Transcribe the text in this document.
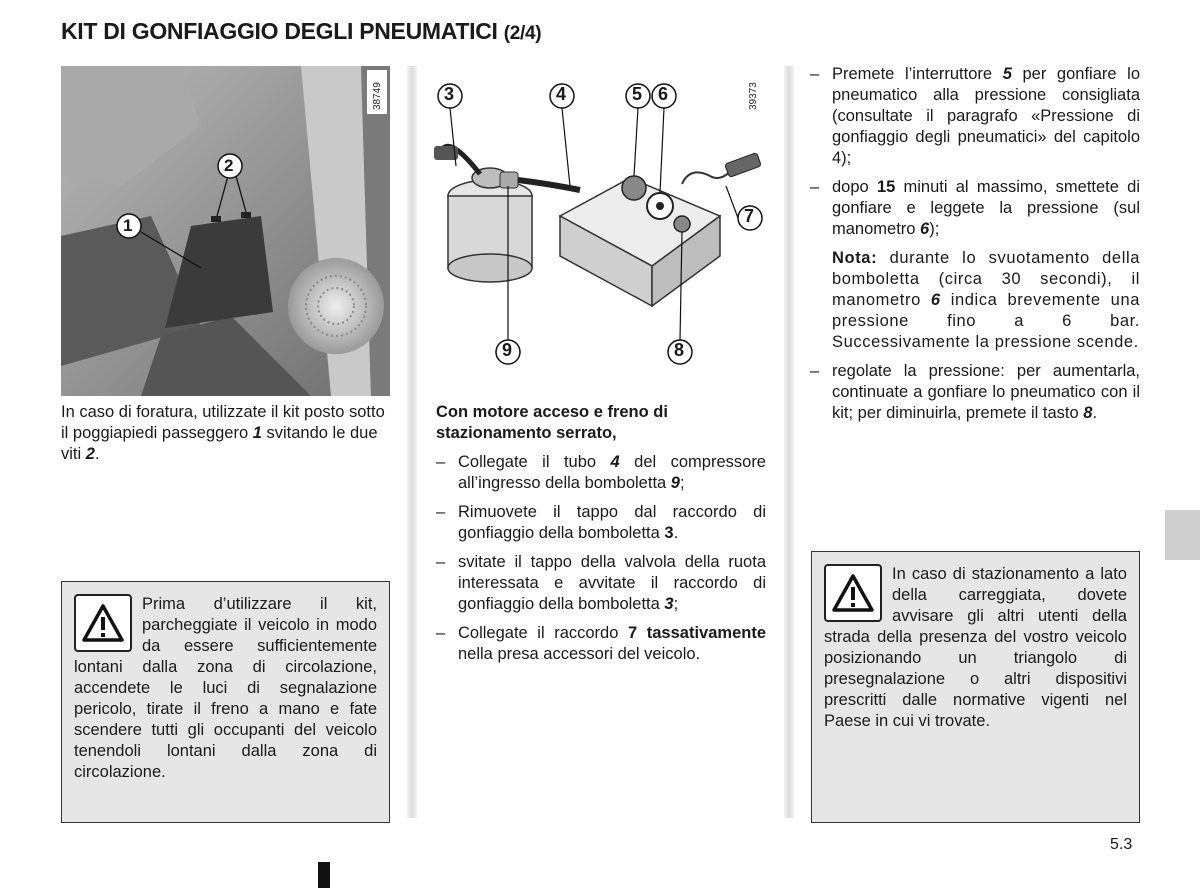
KIT DI GONFIAGGIO DEGLI PNEUMATICI (2/4)
2
1
38749	3	4	5 6
7
9	8
39373
In caso di foratura, utilizzate il kit posto sotto il poggiapiedi passeggero 1 svitando le due viti 2.
Prima d’utilizzare il kit, parcheggiate il veicolo in modo da essere sufficientemente lontani dalla zona di circolazione, accendete le luci di segnalazione pericolo, tirate il freno a mano e fate scendere tutti gli occupanti del veicolo tenendoli lontani dalla zona di circolazione.

Con motore acceso e freno di stazionamento serrato,

– Collegate il tubo 4 del compressore all’ingresso della bomboletta 9;

– Rimuovete il tappo dal raccordo di gonfiaggio della bomboletta 3.

– svitate il tappo della valvola della ruota interessata e avvitate il raccordo di gonfiaggio della bomboletta 3;

– Collegate il raccordo 7 tassativamente nella presa accessori del veicolo.

– Premete l’interruttore 5 per gonfiare lo pneumatico alla pressione consigliata (consultate il paragrafo «Pressione di gonfiaggio degli pneumatici» del capitolo 4);

– dopo 15 minuti al massimo, smettete di gonfiare e leggete la pressione (sul manometro 6);

Nota: durante lo svuotamento della bomboletta (circa 30 secondi), il manometro 6 indica brevemente una pressione fino a 6 bar. Successivamente la pressione scende.

– regolate la pressione: per aumentarla, continuate a gonfiare lo pneumatico con il kit; per diminuirla, premete il tasto 8.

In caso di stazionamento a lato della carreggiata, dovete avvisare gli altri utenti della strada della presenza del vostro veicolo posizionando un triangolo di presegnalazione o altri dispositivi prescritti dalle normative vigenti nel Paese in cui vi trovate.
5.3
